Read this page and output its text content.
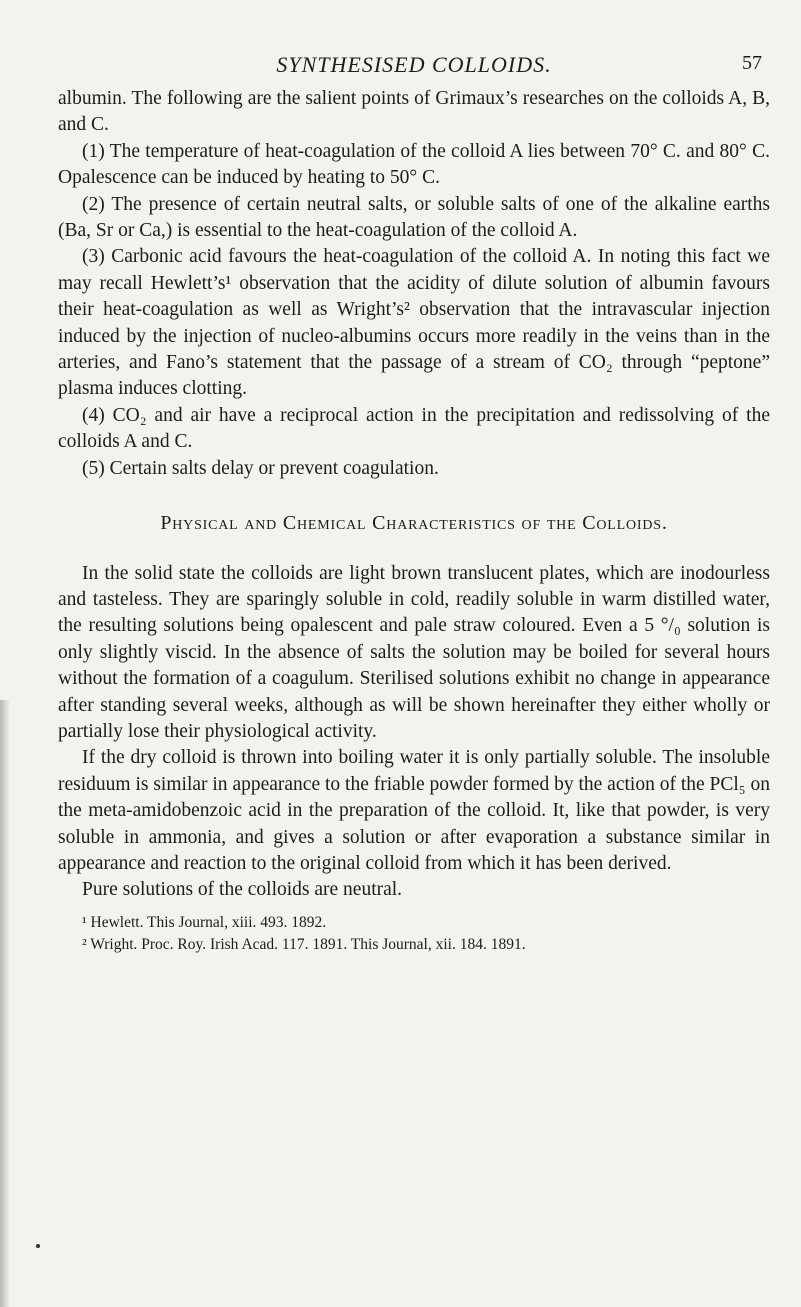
SYNTHESISED COLLOIDS.	57

albumin. The following are the salient points of Grimaux’s researches on the colloids A, B, and C.

(1) The temperature of heat-coagulation of the colloid A lies between 70° C. and 80° C. Opalescence can be induced by heating to 50° C.

(2) The presence of certain neutral salts, or soluble salts of one of the alkaline earths (Ba, Sr or Ca,) is essential to the heat-coagulation of the colloid A.

(3) Carbonic acid favours the heat-coagulation of the colloid A. In noting this fact we may recall Hewlett’s¹ observation that the acidity of dilute solution of albumin favours their heat-coagulation as well as Wright’s² observation that the intravascular injection induced by the injection of nucleo-albumins occurs more readily in the veins than in the arteries, and Fano’s statement that the passage of a stream of CO₂ through “peptone” plasma induces clotting.

(4) CO₂ and air have a reciprocal action in the precipitation and redissolving of the colloids A and C.

(5) Certain salts delay or prevent coagulation.

Physical and Chemical Characteristics of the Colloids.

In the solid state the colloids are light brown translucent plates, which are inodourless and tasteless. They are sparingly soluble in cold, readily soluble in warm distilled water, the resulting solutions being opalescent and pale straw coloured. Even a 5 °/₀ solution is only slightly viscid. In the absence of salts the solution may be boiled for several hours without the formation of a coagulum. Sterilised solutions exhibit no change in appearance after standing several weeks, although as will be shown hereinafter they either wholly or partially lose their physiological activity.

If the dry colloid is thrown into boiling water it is only partially soluble. The insoluble residuum is similar in appearance to the friable powder formed by the action of the PCl₅ on the meta-amidobenzoic acid in the preparation of the colloid. It, like that powder, is very soluble in ammonia, and gives a solution or after evaporation a substance similar in appearance and reaction to the original colloid from which it has been derived.

Pure solutions of the colloids are neutral.

¹ Hewlett. This Journal, xiii. 493. 1892.

² Wright. Proc. Roy. Irish Acad. 117. 1891. This Journal, xii. 184. 1891.
